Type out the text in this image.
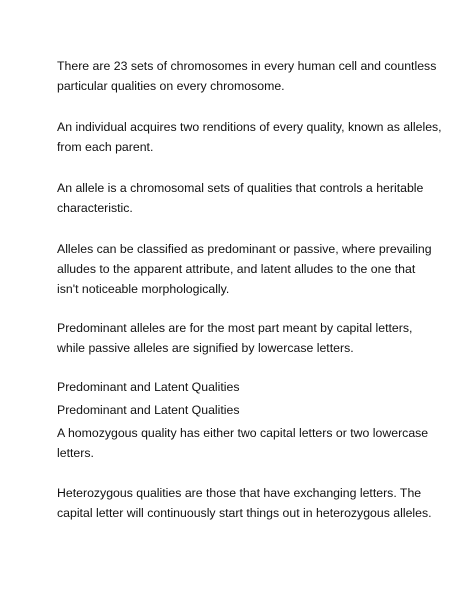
There are 23 sets of chromosomes in every human cell and countless
particular qualities on every chromosome.

An individual acquires two renditions of every quality, known as alleles,
from each parent.

An allele is a chromosomal sets of qualities that controls a heritable
characteristic.

Alleles can be classified as predominant or passive, where prevailing
alludes to the apparent attribute, and latent alludes to the one that
isn't noticeable morphologically.

Predominant alleles are for the most part meant by capital letters,
while passive alleles are signified by lowercase letters.

Predominant and Latent Qualities

Predominant and Latent Qualities

A homozygous quality has either two capital letters or two lowercase
letters.

Heterozygous qualities are those that have exchanging letters. The
capital letter will continuously start things out in heterozygous alleles.
